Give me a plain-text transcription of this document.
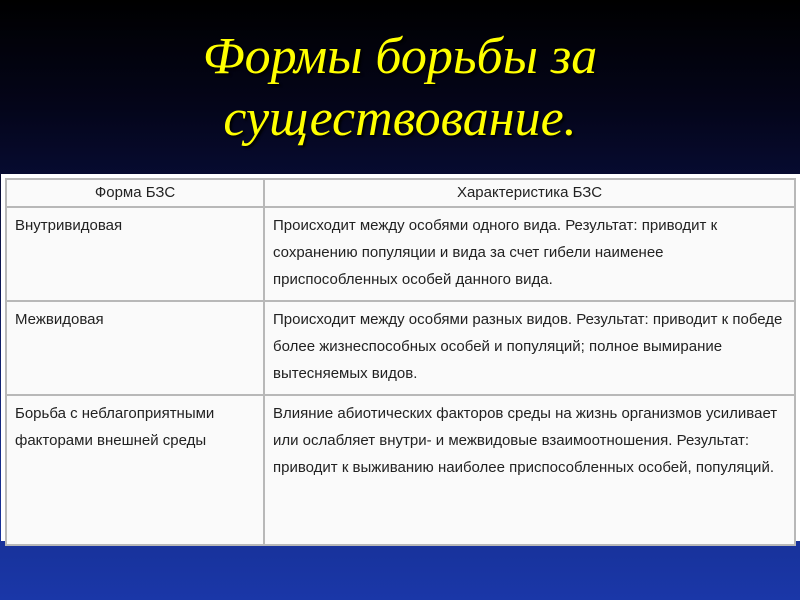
Формы борьбы за
существование.
Форма БЗС	Характеристика БЗС
Внутривидовая	Происходит между особями одного вида. Результат: приводит к сохранению популяции и вида за счет гибели наименее приспособленных особей данного вида.
Межвидовая	Происходит между особями разных видов. Результат: приводит к победе более жизнеспособных особей и популяций; полное вымирание вытесняемых видов.
Борьба с неблагоприятными факторами внешней среды	Влияние абиотических факторов среды на жизнь организмов усиливает или ослабляет внутри- и межвидовые взаимоотношения. Результат: приводит к выживанию наиболее приспособленных особей, популяций.
